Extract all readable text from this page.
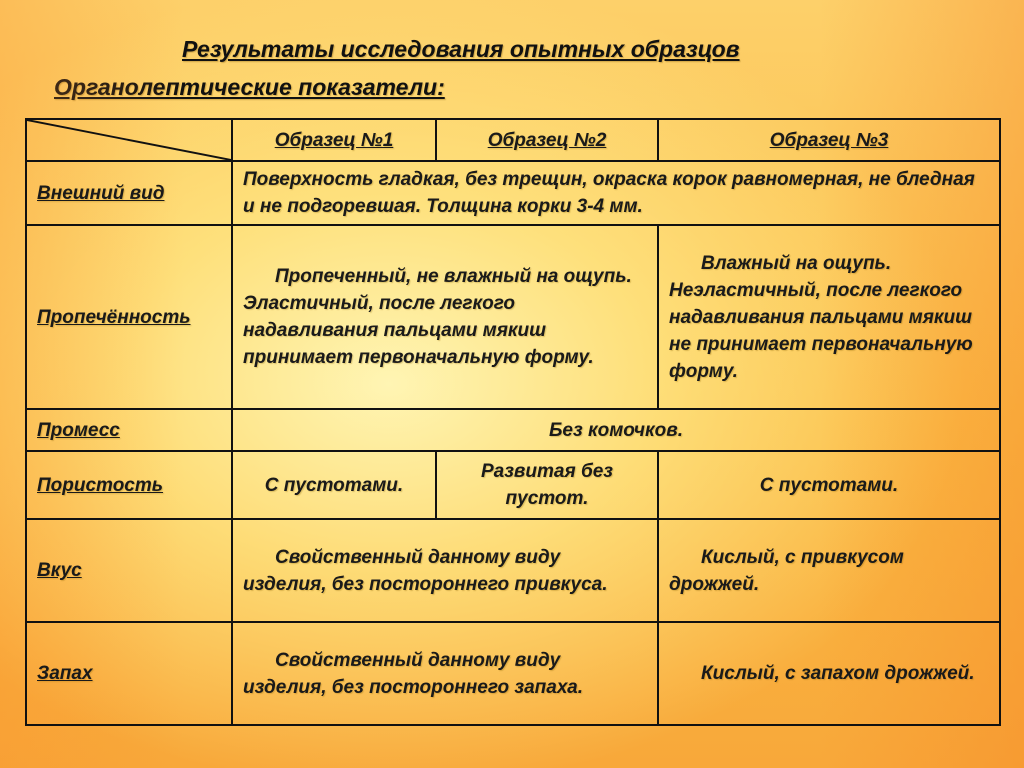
Результаты исследования опытных образцов
Органолептические показатели:
	Образец №1	Образец №2	Образец №3
Внешний вид	Поверхность гладкая, без трещин, окраска корок равномерная, не бледная и не подгоревшая. Толщина корки 3-4 мм.		
Пропечённость	Пропеченный, не влажный на ощупь. Эластичный, после легкого надавливания пальцами мякиш принимает первоначальную форму.		Влажный на ощупь. Неэластичный, после легкого надавливания пальцами мякиш не принимает первоначальную форму.
Промесс	Без комочков.		
Пористость	С пустотами.	Развитая без пустот.	С пустотами.
Вкус	Свойственный данному виду изделия, без постороннего привкуса.		Кислый, с привкусом дрожжей.
Запах	Свойственный данному виду изделия, без постороннего запаха.		Кислый, с запахом дрожжей.
